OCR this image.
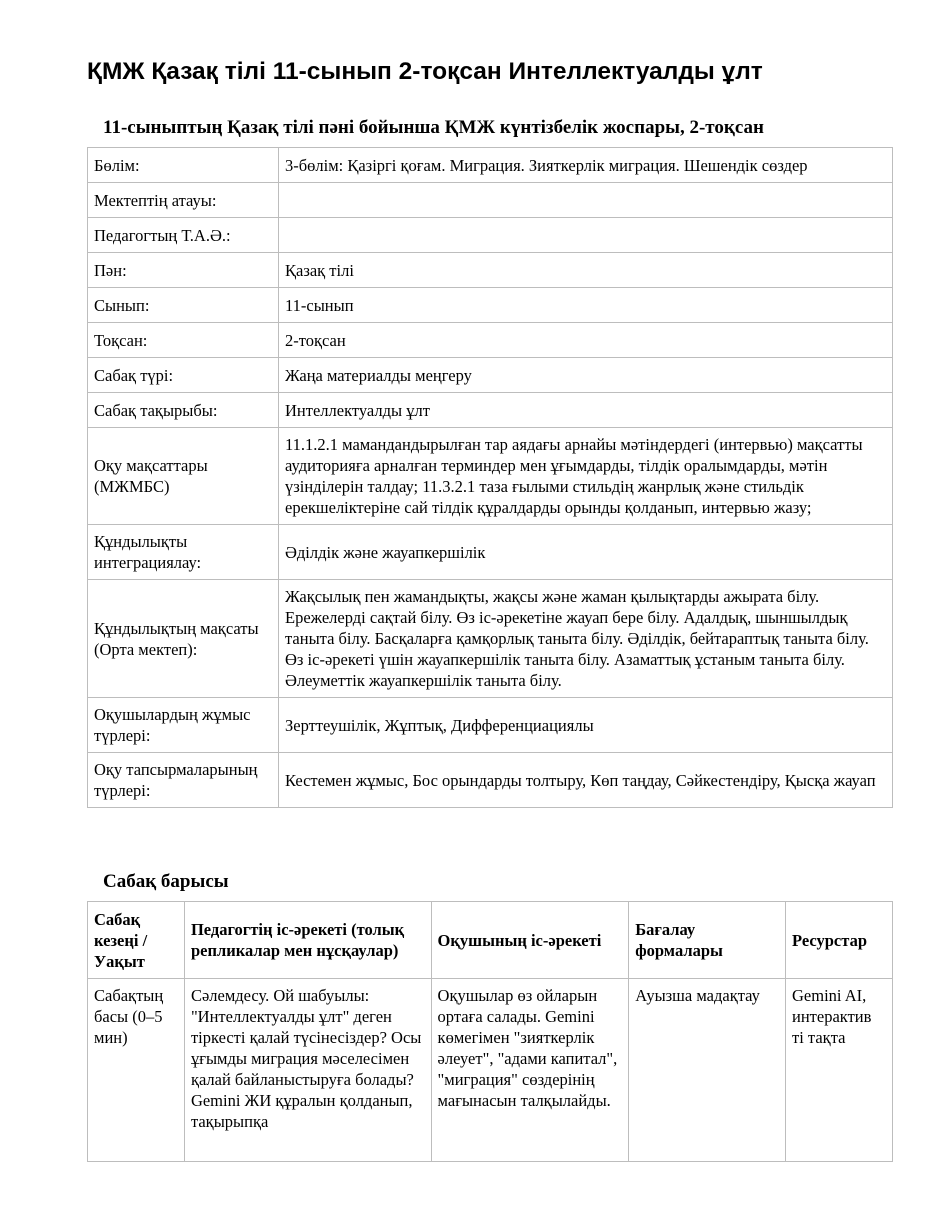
ҚМЖ Қазақ тілі 11-сынып 2-тоқсан Интеллектуалды ұлт
11-сыныптың Қазақ тілі пәні бойынша ҚМЖ күнтізбелік жоспары, 2-тоқсан
Бөлім:	3-бөлім: Қазіргі қоғам. Миграция. Зияткерлік миграция. Шешендік сөздер
Мектептің атауы:	
Педагогтың Т.А.Ә.:	
Пән:	Қазақ тілі
Сынып:	11-сынып
Тоқсан:	2-тоқсан
Сабақ түрі:	Жаңа материалды меңгеру
Сабақ тақырыбы:	Интеллектуалды ұлт
Оқу мақсаттары (МЖМБС)	11.1.2.1 мамандандырылған тар аядағы арнайы мәтіндердегі (интервью) мақсатты аудиторияға арналған терминдер мен ұғымдарды, тілдік оралымдарды, мәтін үзінділерін талдау; 11.3.2.1 таза ғылыми стильдің жанрлық және стильдік ерекшеліктеріне сай тілдік құралдарды орынды қолданып, интервью жазу;
Құндылықты интеграциялау:	Әділдік және жауапкершілік
Құндылықтың мақсаты (Орта мектеп):	Жақсылық пен жамандықты, жақсы және жаман қылықтарды ажырата білу. Ережелерді сақтай білу. Өз іс-әрекетіне жауап бере білу. Адалдық, шыншылдық таныта білу. Басқаларға қамқорлық таныта білу. Әділдік, бейтараптық таныта білу. Өз іс-әрекеті үшін жауапкершілік таныта білу. Азаматтық ұстаным таныта білу. Әлеуметтік жауапкершілік таныта білу.
Оқушылардың жұмыс түрлері:	Зерттеушілік, Жұптық, Дифференциациялы
Оқу тапсырмаларының түрлері:	Кестемен жұмыс, Бос орындарды толтыру, Көп таңдау, Сәйкестендіру, Қысқа жауап
Сабақ барысы
Сабақ кезеңі / Уақыт	Педагогтің іс-әрекеті (толық репликалар мен нұсқаулар)	Оқушының іс-әрекеті	Бағалау формалары	Ресурстар
Сабақтың басы (0–5 мин)	Сәлемдесу. Ой шабуылы: "Интеллектуалды ұлт" деген тіркесті қалай түсінесіздер? Осы ұғымды миграция мәселесімен қалай байланыстыруға болады? Gemini ЖИ құралын қолданып, тақырыпқа	Оқушылар өз ойларын ортаға салады. Gemini көмегімен "зияткерлік әлеует", "адами капитал", "миграция" сөздерінің мағынасын талқылайды.	Ауызша мадақтау	Gemini AI, интерактив ті тақта
